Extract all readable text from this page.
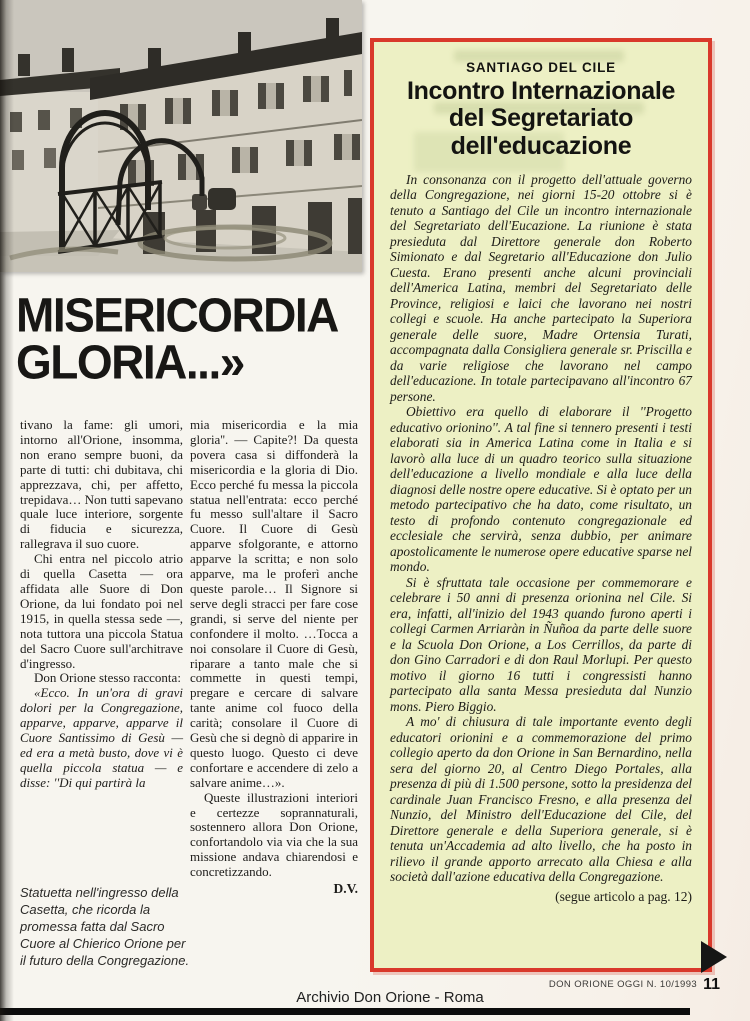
MISERICORDIA
GLORIA...»

tivano la fame: gli umori, intorno all'Orione, insomma, non erano sempre buoni, da parte di tutti: chi dubitava, chi apprezzava, chi, per affetto, trepidava… Non tutti sapevano quale luce interiore, sorgente di fiducia e sicurezza, rallegrava il suo cuore.

Chi entra nel piccolo atrio di quella Casetta — ora affidata alle Suore di Don Orione, da lui fondato poi nel 1915, in quella stessa sede —, nota tuttora una piccola Statua del Sacro Cuore sull'architrave d'ingresso.

Don Orione stesso racconta:

«Ecco. In un'ora di gravi dolori per la Congregazione, apparve, apparve, apparve il Cuore Santissimo di Gesù — ed era a metà busto, dove vi è quella piccola statua — e disse: ''Di qui partirà la

mia misericordia e la mia gloria''. — Capite?! Da questa povera casa si diffonderà la misericordia e la gloria di Dio. Ecco perché fu messa la piccola statua nell'entrata: ecco perché fu messo sull'altare il Sacro Cuore. Il Cuore di Gesù apparve sfolgorante, e attorno apparve la scritta; e non solo apparve, ma le proferì anche queste parole… Il Signore si serve degli stracci per fare cose grandi, si serve del niente per confondere il molto. …Tocca a noi consolare il Cuore di Gesù, riparare a tanto male che si commette in questi tempi, pregare e cercare di salvare tante anime col fuoco della carità; consolare il Cuore di Gesù che si degnò di apparire in questo luogo. Questo ci deve confortare e accendere di zelo a salvare anime…».

Queste illustrazioni interiori e certezze soprannaturali, sostennero allora Don Orione, confortandolo via via che la sua missione andava chiarendosi e concretizzando.

D.V.
Statuetta nell'ingresso della Casetta, che ricorda la promessa fatta dal Sacro Cuore al Chierico Orione per il futuro della Congregazione.
SANTIAGO DEL CILE
Incontro Internazionale
del Segretariato
dell'educazione

In consonanza con il progetto dell'attuale governo della Congregazione, nei giorni 15-20 ottobre si è tenuto a Santiago del Cile un incontro internazionale del Segretariato dell'Eucazione. La riunione è stata presieduta dal Direttore generale don Roberto Simionato e dal Segretario all'Educazione don Julio Cuesta. Erano presenti anche alcuni provinciali dell'America Latina, membri del Segretariato delle Province, religiosi e laici che lavorano nei nostri collegi e scuole. Ha anche partecipato la Superiora generale delle suore, Madre Ortensia Turati, accompagnata dalla Consigliera generale sr. Priscilla e da varie religiose che lavorano nel campo dell'educazione. In totale partecipavano all'incontro 67 persone.

Obiettivo era quello di elaborare il ''Progetto educativo orionino''. A tal fine si tennero presenti i testi elaborati sia in America Latina come in Italia e si lavorò alla luce di un quadro teorico sulla situazione dell'educazione a livello mondiale e alla luce della diagnosi delle nostre opere educative. Si è optato per un metodo partecipativo che ha dato, come risultato, un testo di profondo contenuto congregazionale ed ecclesiale che servirà, senza dubbio, per animare apostolicamente le numerose opere educative sparse nel mondo.

Si è sfruttata tale occasione per commemorare e celebrare i 50 anni di presenza orionina nel Cile. Si era, infatti, all'inizio del 1943 quando furono aperti i collegi Carmen Arriaràn in Ñuñoa da parte delle suore e la Scuola Don Orione, a Los Cerrillos, da parte di don Gino Carradori e di don Raul Morlupi. Per questo motivo il giorno 16 tutti i congressisti hanno partecipato alla santa Messa presieduta dal Nunzio mons. Piero Biggio.

A mo' di chiusura di tale importante evento degli educatori orionini e a commemorazione del primo collegio aperto da don Orione in San Bernardino, nella sera del giorno 20, al Centro Diego Portales, alla presenza di più di 1.500 persone, sotto la presidenza del cardinale Juan Francisco Fresno, e alla presenza del Nunzio, del Ministro dell'Educazione del Cile, del Direttore generale e della Superiora generale, si è tenuta un'Accademia ad alto livello, che ha posto in rilievo il grande apporto arrecato alla Chiesa e alla società dall'azione educativa della Congregazione.

(segue articolo a pag. 12)
DON ORIONE OGGI N. 10/1993 11
Archivio Don Orione - Roma
